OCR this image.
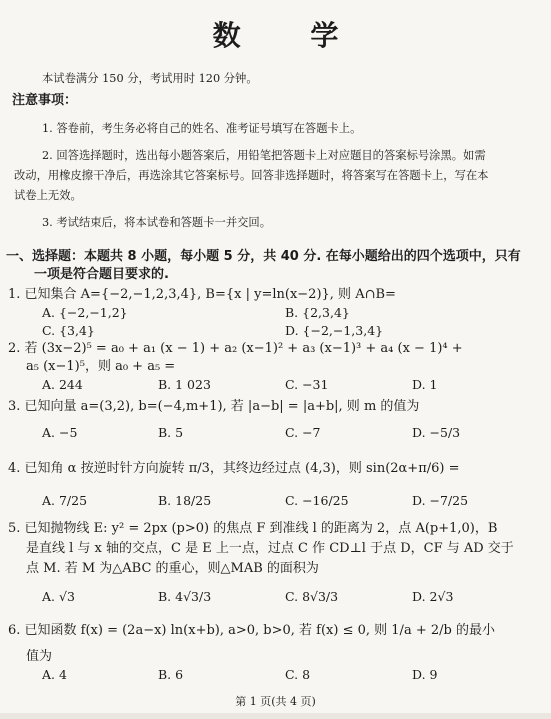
数 学
本试卷满分 150 分，考试用时 120 分钟。
注意事项：
1. 答卷前，考生务必将自己的姓名、准考证号填写在答题卡上。
2. 回答选择题时，选出每小题答案后，用铅笔把答题卡上对应题目的答案标号涂黑。如需
改动，用橡皮擦干净后，再选涂其它答案标号。回答非选择题时，将答案写在答题卡上，写在本
试卷上无效。
3. 考试结束后，将本试卷和答题卡一并交回。
一、选择题：本题共 8 小题，每小题 5 分，共 40 分. 在每小题给出的四个选项中，只有
一项是符合题目要求的.
1. 已知集合 A={−2,−1,2,3,4}, B={x | y=ln(x−2)}, 则 A∩B=
A. {−2,−1,2}	B. {2,3,4}
C. {3,4}	D. {−2,−1,3,4}
2. 若 (3x−2)⁵ = a₀ + a₁ (x − 1) + a₂ (x−1)² + a₃ (x−1)³ + a₄ (x − 1)⁴ +
a₅ (x−1)⁵，则 a₀ + a₅ =
A. 244	B. 1 023	C. −31	D. 1
3. 已知向量 a=(3,2), b=(−4,m+1), 若 |a−b| = |a+b|, 则 m 的值为
A. −5	B. 5	C. −7	D. −5/3
4. 已知角 α 按逆时针方向旋转 π/3，其终边经过点 (4,3)，则 sin(2α+π/6) =
A. 7/25	B. 18/25	C. −16/25	D. −7/25
5. 已知抛物线 E: y² = 2px (p>0) 的焦点 F 到准线 l 的距离为 2，点 A(p+1,0)，B
是直线 l 与 x 轴的交点，C 是 E 上一点，过点 C 作 CD⊥l 于点 D，CF 与 AD 交于
点 M. 若 M 为△ABC 的重心，则△MAB 的面积为
A. √3	B. 4√3/3	C. 8√3/3	D. 2√3
6. 已知函数 f(x) = (2a−x) ln(x+b), a>0, b>0, 若 f(x) ≤ 0, 则 1/a + 2/b 的最小
值为
A. 4	B. 6	C. 8	D. 9
第 1 页(共 4 页)
